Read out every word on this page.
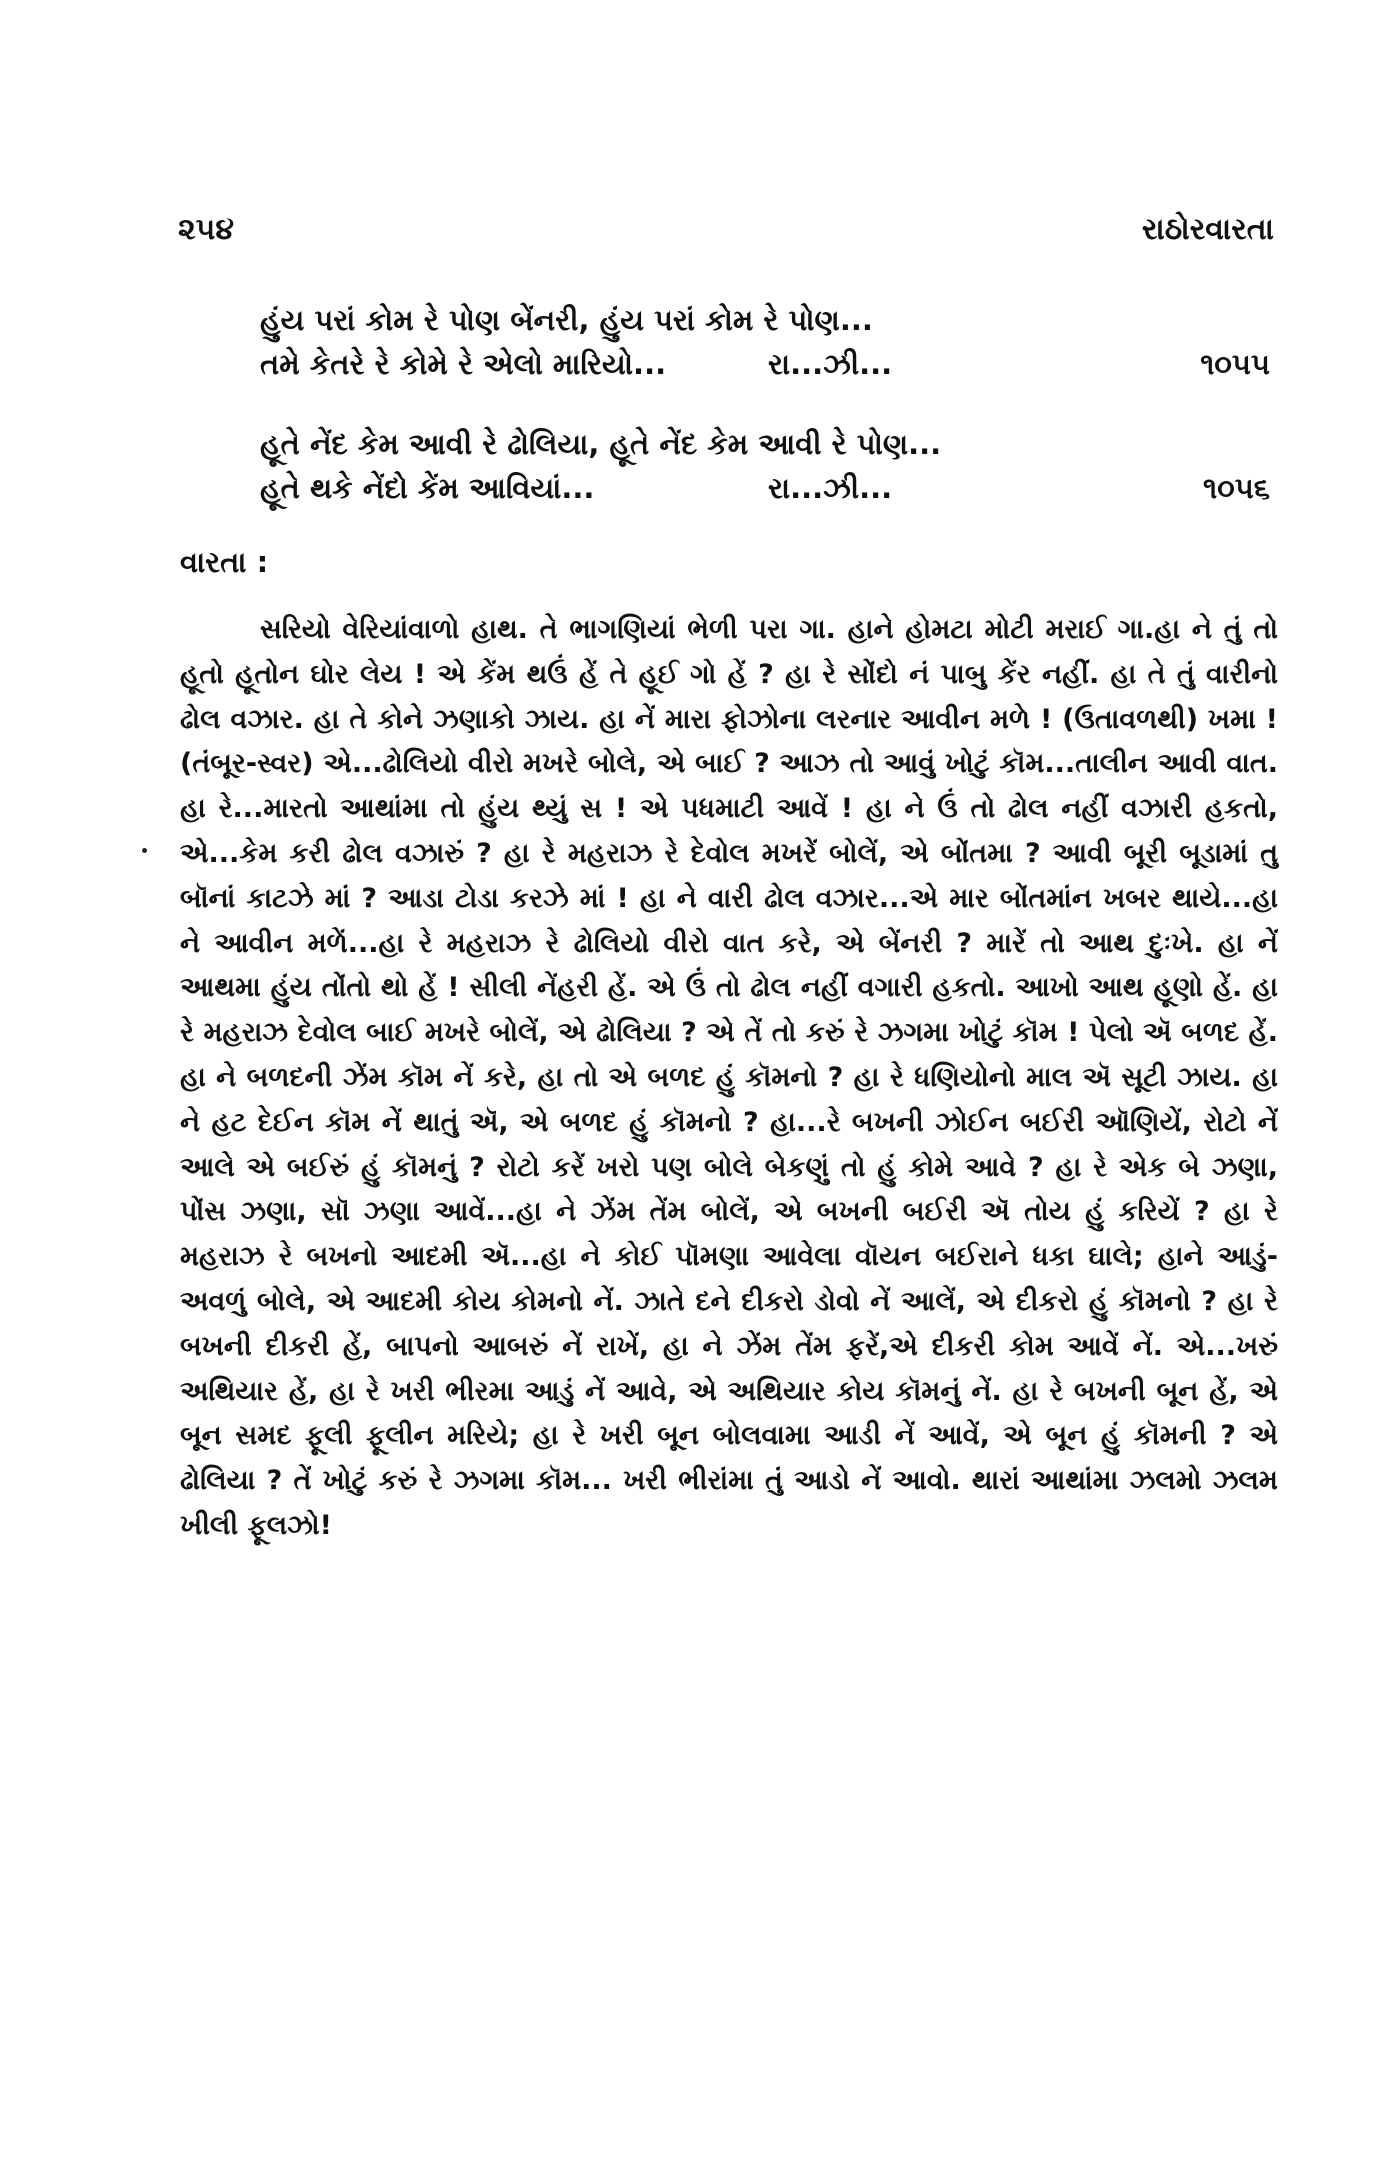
૨૫૪	રાઠોરવારતા
હુંય પરાં કોમ રે પોણ બેંનરી, હુંય પરાં કોમ રે પોણ...
તમે કેતરે રે કોમે રે એલો મારિયો...	રા...ઝી...	૧૦૫૫
હૂતે નેંદ કેમ આવી રે ઢોલિયા, હૂતે નેંદ કેમ આવી રે પોણ...
હૂતે થકે નેંદો કેંમ આવિયાં...	રા...ઝી...	૧૦૫૬
વારતા :

સરિયો વેરિયાંવાળો હાથ. તે ભાગણિયાં ભેળી પરા ગા. હાને હોમટા મોટી મરાઈ ગા.હા ને તું તો હૂતો હૂતોન ઘોર લેય ! એ કેંમ થઉં હેં તે હૂઈ ગો હેં ? હા રે સોંદો નં પાબુ કેંર નહીં. હા તે તું વારીનો ઢોલ વઝાર. હા તે કોને ઝણાકો ઝાય. હા નેં મારા ફોઝોના લરનાર આવીન મળે ! (ઉતાવળથી) ખમા ! (તંબૂર-સ્વર) એ...ઢોલિયો વીરો મખરે બોલે, એ બાઈ ? આઝ તો આવું ખોટું કૉમ...તાલીન આવી વાત. હા રે...મારતો આથાંમા તો હુંય થ્યું સ ! એ પધમાટી આવેં ! હા ને ઉં તો ઢોલ નહીં વઝારી હકતો, એ...કેમ કરી ઢોલ વઝારું ? હા રે મહરાઝ રે દેવોલ મખરેં બોલેં, એ બોંતમા ? આવી બૂરી બૂડામાં તુ બૉનાં કાટઝે માં ? આડા ટોડા કરઝે માં ! હા ને વારી ઢોલ વઝાર...એ માર બોંતમાંન ખબર થાયે...હા ને આવીન મળેં...હા રે મહરાઝ રે ઢોલિયો વીરો વાત કરે, એ બેંનરી ? મારેં તો આથ દુઃખે. હા નેં આથમા હુંય તોંતો થો હેં ! સીલી નેંહરી હેં. એ ઉં તો ઢોલ નહીં વગારી હકતો. આખો આથ હૂણો હેં. હા રે મહરાઝ દેવોલ બાઈ મખરે બોલેં, એ ઢોલિયા ? એ તેં તો કરું રે ઝગમા ખોટું કૉમ ! પેલો ઍ બળદ હેં. હા ને બળદની ઝેંમ કૉમ નેં કરે, હા તો એ બળદ હું કૉમનો ? હા રે ધણિયોનો માલ ઍ સૂટી ઝાય. હા ને હટ દેઈન કૉમ નેં થાતું ઍ, એ બળદ હું કૉમનો ? હા...રે બખની ઝોઈન બઈરી ઑણિયેં, રોટો નેં આલે એ બઈરું હું કૉમનું ? રોટો કરેં ખરો પણ બોલે બેકણું તો હું કોમે આવે ? હા રે એક બે ઝણા, પોંસ ઝણા, સૉ ઝણા આવેં...હા ને ઝેંમ તેંમ બોલેં, એ બખની બઈરી ઍ તોય હું કરિયેં ? હા રે મહરાઝ રે બખનો આદમી ઍ...હા ને કોઈ પૉમણા આવેલા વૉયન બઈરાને ધકા ઘાલે; હાને આડું-અવળું બોલે, એ આદમી કોય કોમનો નેં. ઝાતે દને દીકરો ડોવો નેં આલેં, એ દીકરો હું કૉમનો ? હા રે બખની દીકરી હેં, બાપનો આબરું નેં રાખેં, હા ને ઝેંમ તેંમ ફરેં,એ દીકરી કોમ આવેં નેં. એ...ખરું અથિયાર હેં, હા રે ખરી ભીરમા આડું નેં આવે, એ અથિયાર કોય કૉમનું નેં. હા રે બખની બૂન હેં, એ બૂન સમદ ફૂલી ફૂલીન મરિયે; હા રે ખરી બૂન બોલવામા આડી નેં આવેં, એ બૂન હું કૉમની ? એ ઢોલિયા ? તેં ખોટું કરું રે ઝગમા કૉમ... ખરી ભીરાંમા તું આડો નેં આવો. થારાં આથાંમા ઝલમો ઝલમ ખીલી ફૂલઝો!
